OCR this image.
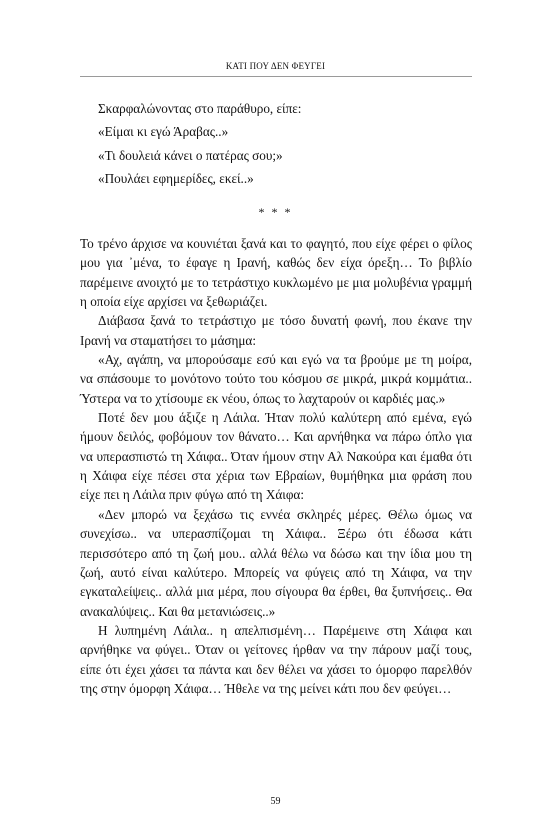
ΚΑΤΙ ΠΟΥ ΔΕΝ ΦΕΥΓΕΙ
Σκαρφαλώνοντας στο παράθυρο, είπε:
«Είμαι κι εγώ Άραβας..»
«Τι δουλειά κάνει ο πατέρας σου;»
«Πουλάει εφημερίδες, εκεί..»
* * *

Το τρένο άρχισε να κουνιέται ξανά και το φαγητό, που είχε φέρει ο φίλος μου για ᾽μένα, το έφαγε η Ιρανή, καθώς δεν είχα όρεξη… Το βιβλίο παρέμεινε ανοιχτό με το τετράστιχο κυκλωμένο με μια μολυβένια γραμμή η οποία είχε αρχίσει να ξεθωριάζει.

Διάβασα ξανά το τετράστιχο με τόσο δυνατή φωνή, που έκανε την Ιρανή να σταματήσει το μάσημα:

«Αχ, αγάπη, να μπορούσαμε εσύ και εγώ να τα βρούμε με τη μοίρα, να σπάσουμε το μονότονο τούτο του κόσμου σε μικρά, μικρά κομμάτια.. Ύστερα να το χτίσουμε εκ νέου, όπως το λαχταρούν οι καρδιές μας.»

Ποτέ δεν μου άξιζε η Λάιλα. Ήταν πολύ καλύτερη από εμένα, εγώ ήμουν δειλός, φοβόμουν τον θάνατο… Και αρνήθηκα να πάρω όπλο για να υπερασπιστώ τη Χάιφα.. Όταν ήμουν στην Αλ Νακούρα και έμαθα ότι η Χάιφα είχε πέσει στα χέρια των Εβραίων, θυμήθηκα μια φράση που είχε πει η Λάιλα πριν φύγω από τη Χάιφα:

«Δεν μπορώ να ξεχάσω τις εννέα σκληρές μέρες. Θέλω όμως να συνεχίσω.. να υπερασπίζομαι τη Χάιφα.. Ξέρω ότι έδωσα κάτι περισσότερο από τη ζωή μου.. αλλά θέλω να δώσω και την ίδια μου τη ζωή, αυτό είναι καλύτερο. Μπορείς να φύγεις από τη Χάιφα, να την εγκαταλείψεις.. αλλά μια μέρα, που σίγουρα θα έρθει, θα ξυπνήσεις.. Θα ανακαλύψεις.. Και θα μετανιώσεις..»

Η λυπημένη Λάιλα.. η απελπισμένη… Παρέμεινε στη Χάιφα και αρνήθηκε να φύγει.. Όταν οι γείτονες ήρθαν να την πάρουν μαζί τους, είπε ότι έχει χάσει τα πάντα και δεν θέλει να χάσει το όμορφο παρελθόν της στην όμορφη Χάιφα… Ήθελε να της μείνει κάτι που δεν φεύγει…

59
